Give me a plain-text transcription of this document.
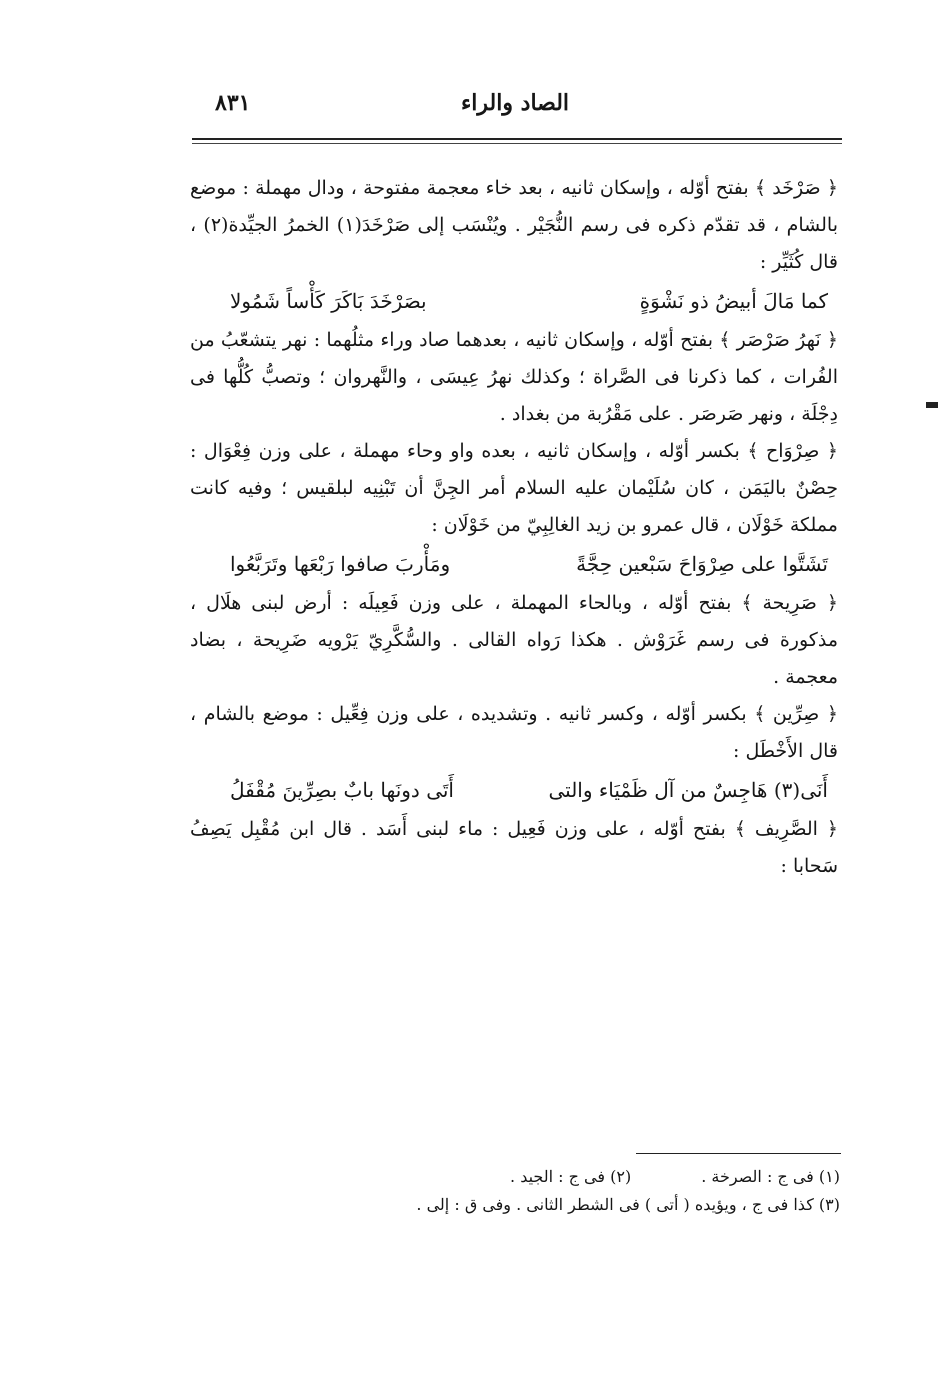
الصاد والراء
٨٣١

﴿ صَرْخَد ﴾ بفتح أوّله ، وإسكان ثانيه ، بعد خاء معجمة مفتوحة ، ودال مهملة : موضع بالشام ، قد تقدّم ذكره فى رسم النُّجَيْر . ويُنْسَب إلى صَرْخَدَ(١) الخمرُ الجيِّدة(٢) ، قال كُثَيِّر :

كما مَالَ أبيضُ ذو نَشْوَةٍ
بصَرْخَدَ بَاكَرَ كَأْساً شَمُولا

﴿ نَهرُ صَرْصَر ﴾ بفتح أوّله ، وإسكان ثانيه ، بعدهما صاد وراء مثلُهما : نهر يتشعّبُ من الفُرات ، كما ذكرنا فى الصَّراة ؛ وكذلك نهرُ عِيسَى ، والنَّهروان ؛ وتصبُّ كُلُّها فى دِجْلَة ، ونهر صَرصَر . على مَقْرُبة من بغداد .

﴿ صِرْوَاح ﴾ بكسر أوّله ، وإسكان ثانيه ، بعده واو وحاء مهملة ، على وزن فِعْوَال : حِصْنٌ باليَمَن ، كان سُلَيْمان عليه السلام أمر الجِنَّ أن تَبْنِيه لبلقيس ؛ وفيه كانت مملكة خَوْلَان ، قال عمرو بن زيد الغالِبِيّ من خَوْلَان :

تَشَتَّوا على صِرْوَاحَ سَبْعين حِجَّةً
ومَأْربَ صافوا رَبْعَها وتَرَبَّعُوا

﴿ صَرِيحة ﴾ بفتح أوّله ، وبالحاء المهملة ، على وزن فَعِيلَه : أرض لبنى هلَال ، مذكورة فى رسم غَرَوْش . هكذا رَواه القالى . والسُّكَّرِيّ يَرْويه ضَرِيحة ، بضاد معجمة .

﴿ صِرِّين ﴾ بكسر أوّله ، وكسر ثانيه . وتشديده ، على وزن فِعِّيل : موضع بالشام ، قال الأَخْطَل :

أَنَى(٣) هَاجِسٌ من آل ظَمْيَاء والتى
أَتَى دونَها بابٌ بصِرِّينَ مُقْفَلُ

﴿ الصَّرِيف ﴾ بفتح أوّله ، على وزن فَعِيل : ماء لبنى أَسَد . قال ابن مُقْبِل يَصِفُ سَحابا :

(١) فى ج : الصرخة .
(٢) فى ج : الجيد .
(٣) كذا فى ج ، ويؤيده ( أتى ) فى الشطر الثانى . وفى ق : إلى .
